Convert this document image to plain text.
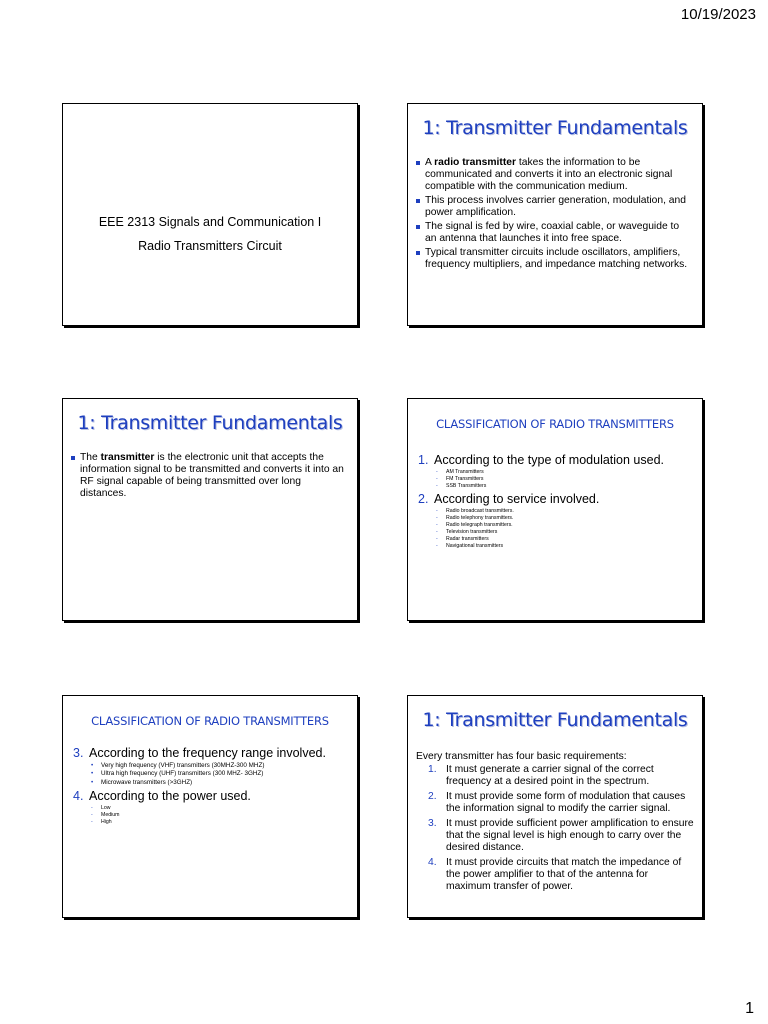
10/19/2023
EEE 2313 Signals and Communication I
Radio Transmitters Circuit
1: Transmitter Fundamentals
A radio transmitter takes the information to be communicated and converts it into an electronic signal compatible with the communication medium.
This process involves carrier generation, modulation, and power amplification.
The signal is fed by wire, coaxial cable, or waveguide to an antenna that launches it into free space.
Typical transmitter circuits include oscillators, amplifiers, frequency multipliers, and impedance matching networks.
1: Transmitter Fundamentals
The transmitter is the electronic unit that accepts the information signal to be transmitted and converts it into an RF signal capable of being transmitted over long distances.
CLASSIFICATION OF RADIO TRANSMITTERS
1. According to the type of modulation used.
- AM Transmitters
- FM Transmitters
- SSB Transmitters
2. According to service involved.
- Radio broadcast transmitters.
- Radio telephony transmitters.
- Radio telegraph transmitters.
- Television transmitters
- Radar transmitters
- Navigational transmitters
CLASSIFICATION OF RADIO TRANSMITTERS
3. According to the frequency range involved.
• Very high frequency (VHF) transmitters (30MHZ-300 MHZ)
• Ultra high frequency (UHF) transmitters (300 MHZ- 3GHZ)
• Microwave transmitters (>3GHZ)
4. According to the power used.
- Low
- Medium
- High
1: Transmitter Fundamentals
Every transmitter has four basic requirements:
1. It must generate a carrier signal of the correct frequency at a desired point in the spectrum.
2. It must provide some form of modulation that causes the information signal to modify the carrier signal.
3. It must provide sufficient power amplification to ensure that the signal level is high enough to carry over the desired distance.
4. It must provide circuits that match the impedance of the power amplifier to that of the antenna for maximum transfer of power.
1
